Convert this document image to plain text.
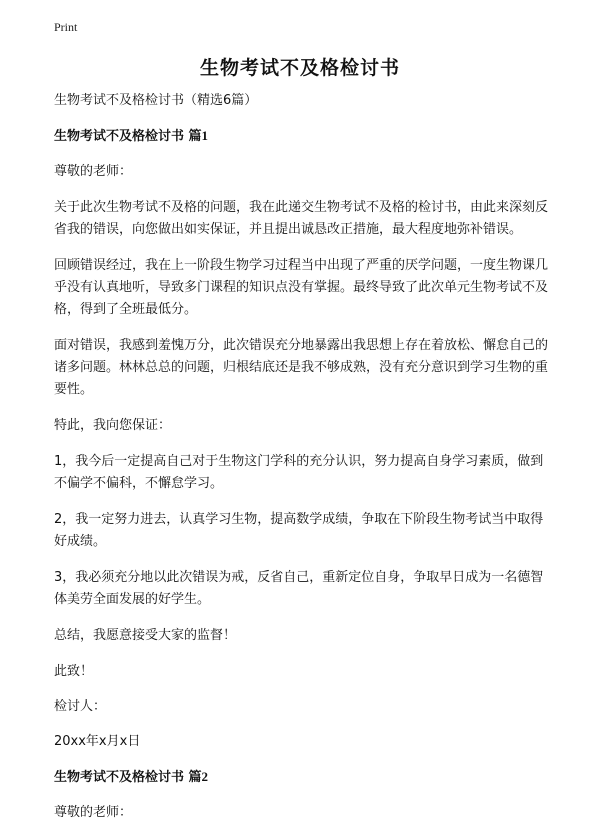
Print
生物考试不及格检讨书

生物考试不及格检讨书（精选6篇）

生物考试不及格检讨书 篇1

尊敬的老师：

关于此次生物考试不及格的问题，我在此递交生物考试不及格的检讨书，由此来深刻反省我的错误，向您做出如实保证，并且提出诚恳改正措施，最大程度地弥补错误。

回顾错误经过，我在上一阶段生物学习过程当中出现了严重的厌学问题，一度生物课几乎没有认真地听，导致多门课程的知识点没有掌握。最终导致了此次单元生物考试不及格，得到了全班最低分。

面对错误，我感到羞愧万分，此次错误充分地暴露出我思想上存在着放松、懈怠自己的诸多问题。林林总总的问题，归根结底还是我不够成熟，没有充分意识到学习生物的重要性。

特此，我向您保证：

1，我今后一定提高自己对于生物这门学科的充分认识，努力提高自身学习素质，做到不偏学不偏科，不懈怠学习。

2，我一定努力进去，认真学习生物，提高数学成绩，争取在下阶段生物考试当中取得好成绩。

3，我必须充分地以此次错误为戒，反省自己，重新定位自身，争取早日成为一名德智体美劳全面发展的好学生。

总结，我愿意接受大家的监督！

此致！

检讨人：

20xx年x月x日

生物考试不及格检讨书 篇2

尊敬的老师：
